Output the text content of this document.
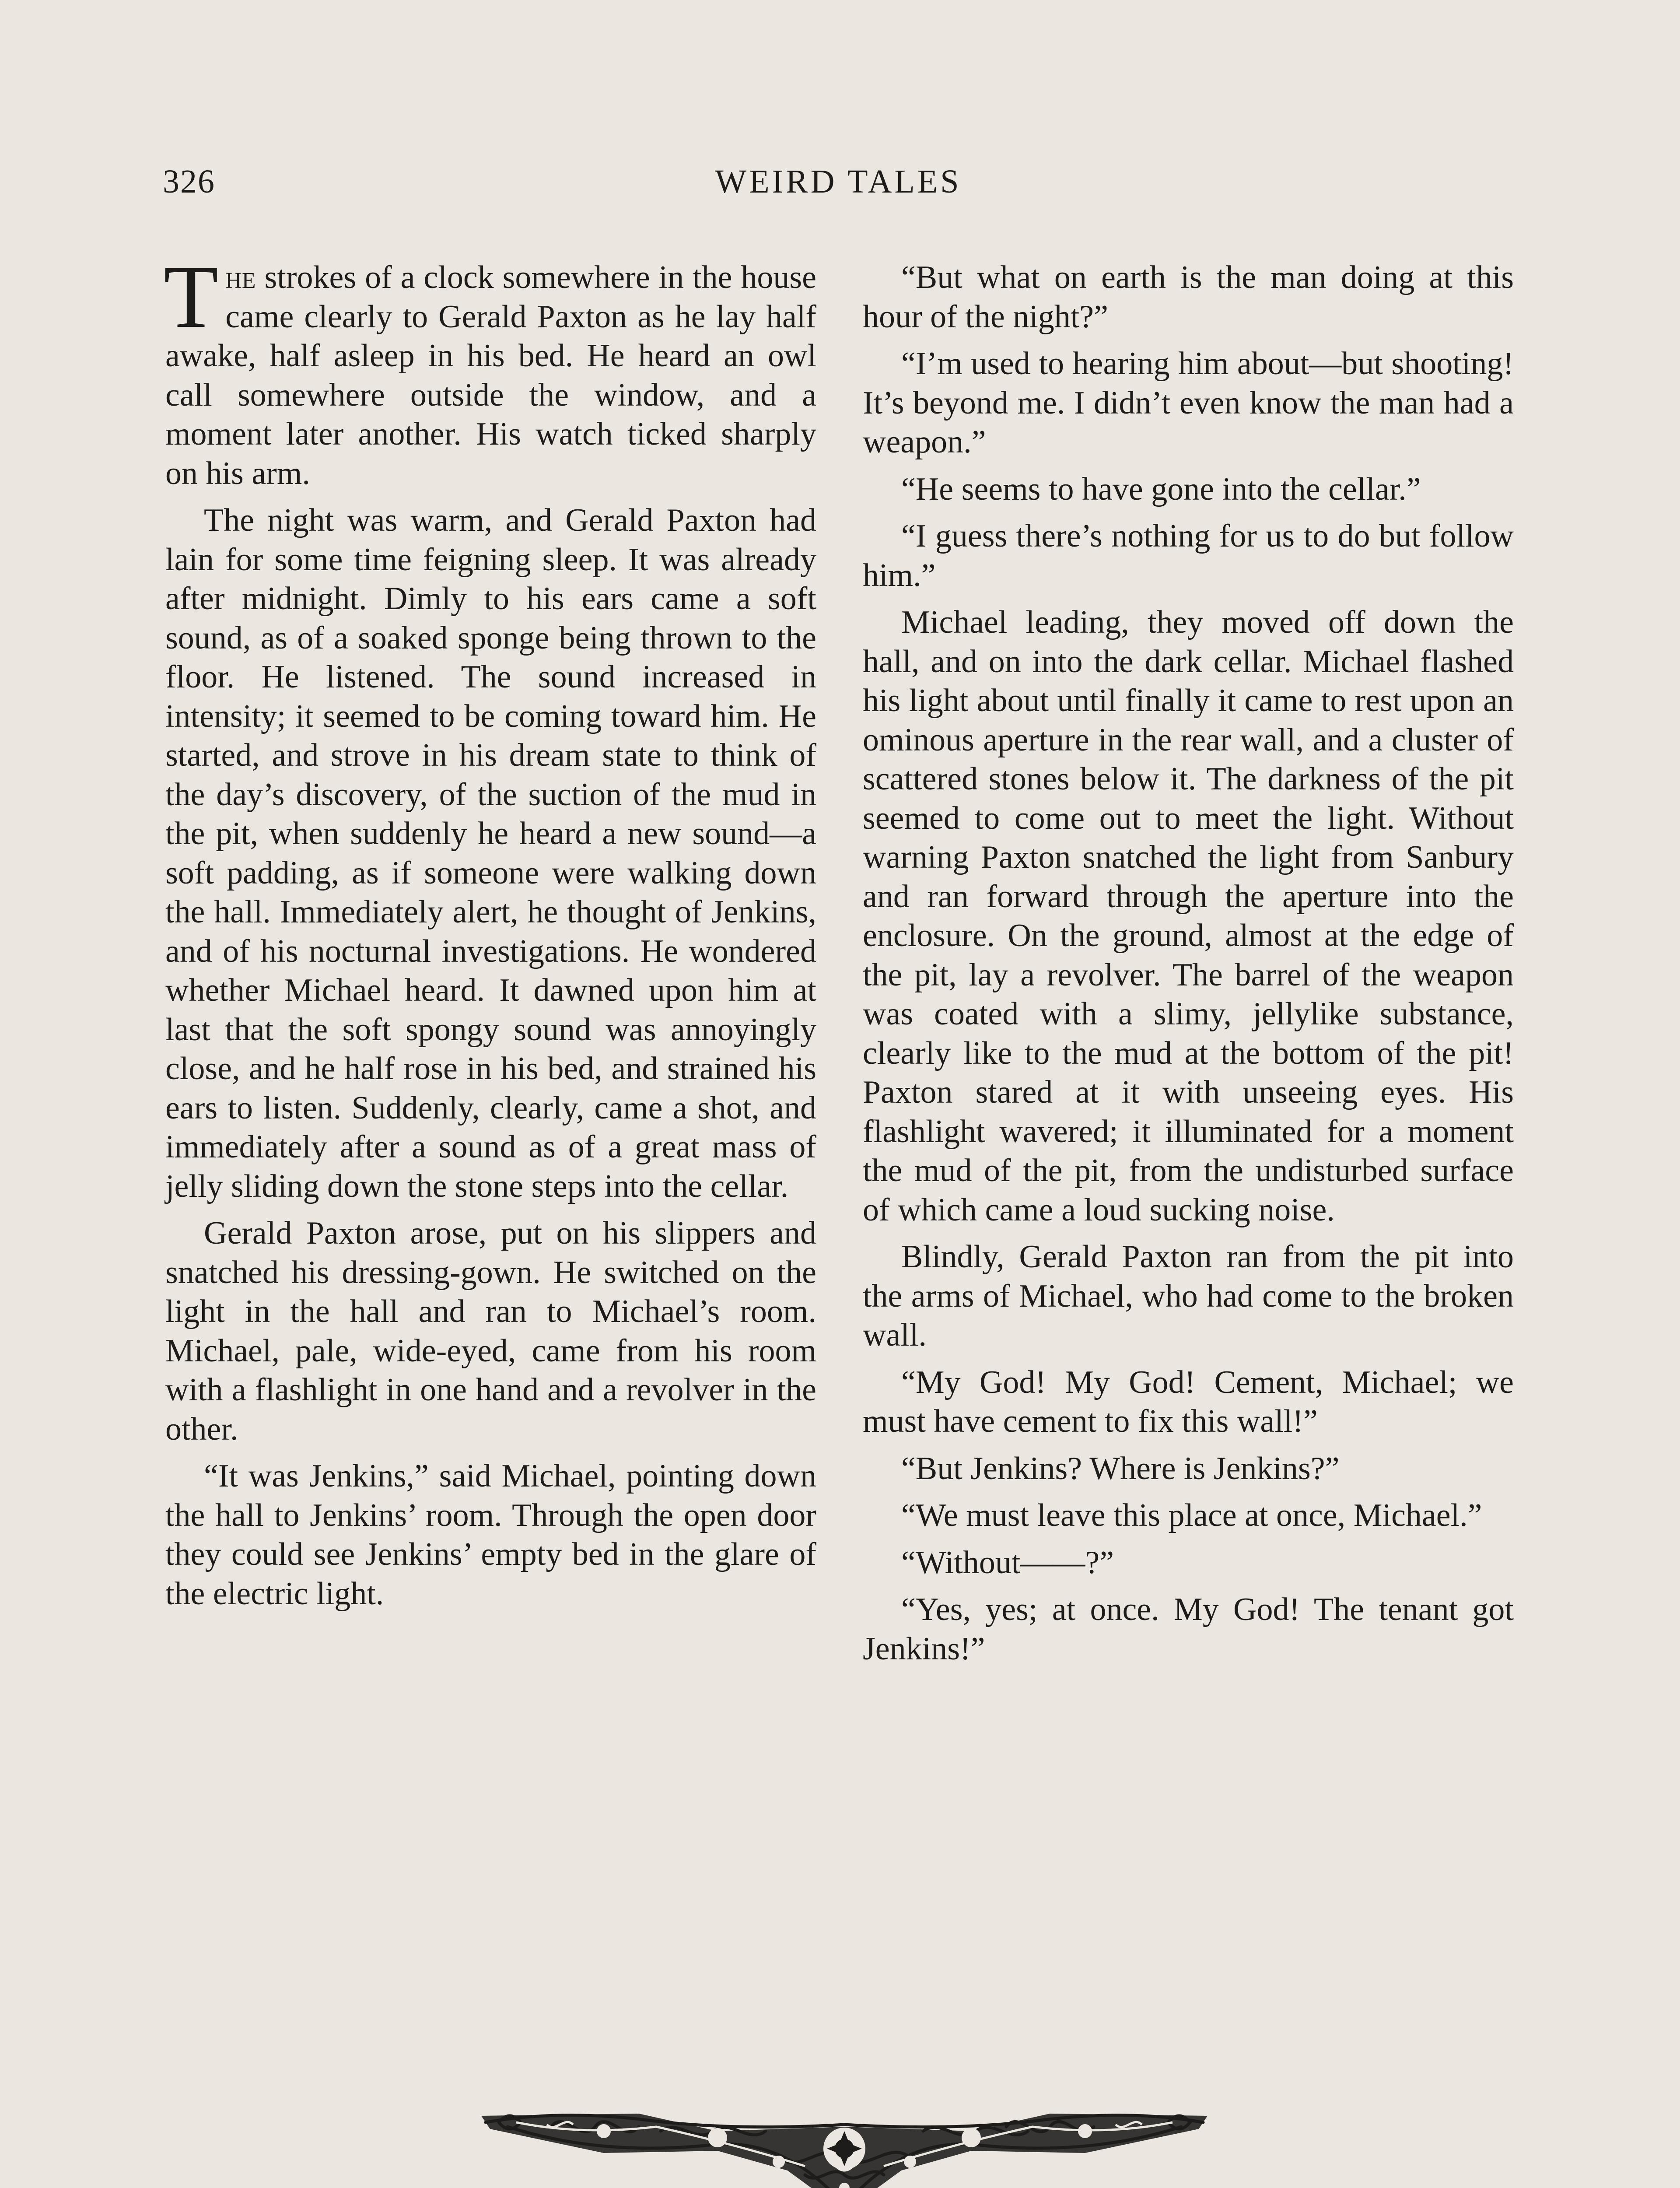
326	WEIRD TALES

The strokes of a clock somewhere in the house came clearly to Gerald Paxton as he lay half awake, half asleep in his bed. He heard an owl call somewhere outside the window, and a moment later another. His watch ticked sharply on his arm.

The night was warm, and Gerald Paxton had lain for some time feigning sleep. It was already after midnight. Dimly to his ears came a soft sound, as of a soaked sponge being thrown to the floor. He listened. The sound increased in intensity; it seemed to be coming toward him. He started, and strove in his dream state to think of the day’s discovery, of the suction of the mud in the pit, when suddenly he heard a new sound—a soft padding, as if someone were walking down the hall. Immediately alert, he thought of Jenkins, and of his nocturnal investigations. He wondered whether Michael heard. It dawned upon him at last that the soft spongy sound was annoyingly close, and he half rose in his bed, and strained his ears to listen. Suddenly, clearly, came a shot, and immediately after a sound as of a great mass of jelly sliding down the stone steps into the cellar.

Gerald Paxton arose, put on his slippers and snatched his dressing-gown. He switched on the light in the hall and ran to Michael’s room. Michael, pale, wide-eyed, came from his room with a flashlight in one hand and a revolver in the other.

“It was Jenkins,” said Michael, pointing down the hall to Jenkins’ room. Through the open door they could see Jenkins’ empty bed in the glare of the electric light.

“But what on earth is the man doing at this hour of the night?”

“I’m used to hearing him about—but shooting! It’s beyond me. I didn’t even know the man had a weapon.”

“He seems to have gone into the cellar.”

“I guess there’s nothing for us to do but follow him.”

Michael leading, they moved off down the hall, and on into the dark cellar. Michael flashed his light about until finally it came to rest upon an ominous aperture in the rear wall, and a cluster of scattered stones below it. The darkness of the pit seemed to come out to meet the light. Without warning Paxton snatched the light from Sanbury and ran forward through the aperture into the enclosure. On the ground, almost at the edge of the pit, lay a revolver. The barrel of the weapon was coated with a slimy, jellylike substance, clearly like to the mud at the bottom of the pit! Paxton stared at it with unseeing eyes. His flashlight wavered; it illuminated for a moment the mud of the pit, from the undisturbed surface of which came a loud sucking noise.

Blindly, Gerald Paxton ran from the pit into the arms of Michael, who had come to the broken wall.

“My God! My God! Cement, Michael; we must have cement to fix this wall!”

“But Jenkins? Where is Jenkins?”

“We must leave this place at once, Michael.”

“Without——?”

“Yes, yes; at once. My God! The tenant got Jenkins!”
